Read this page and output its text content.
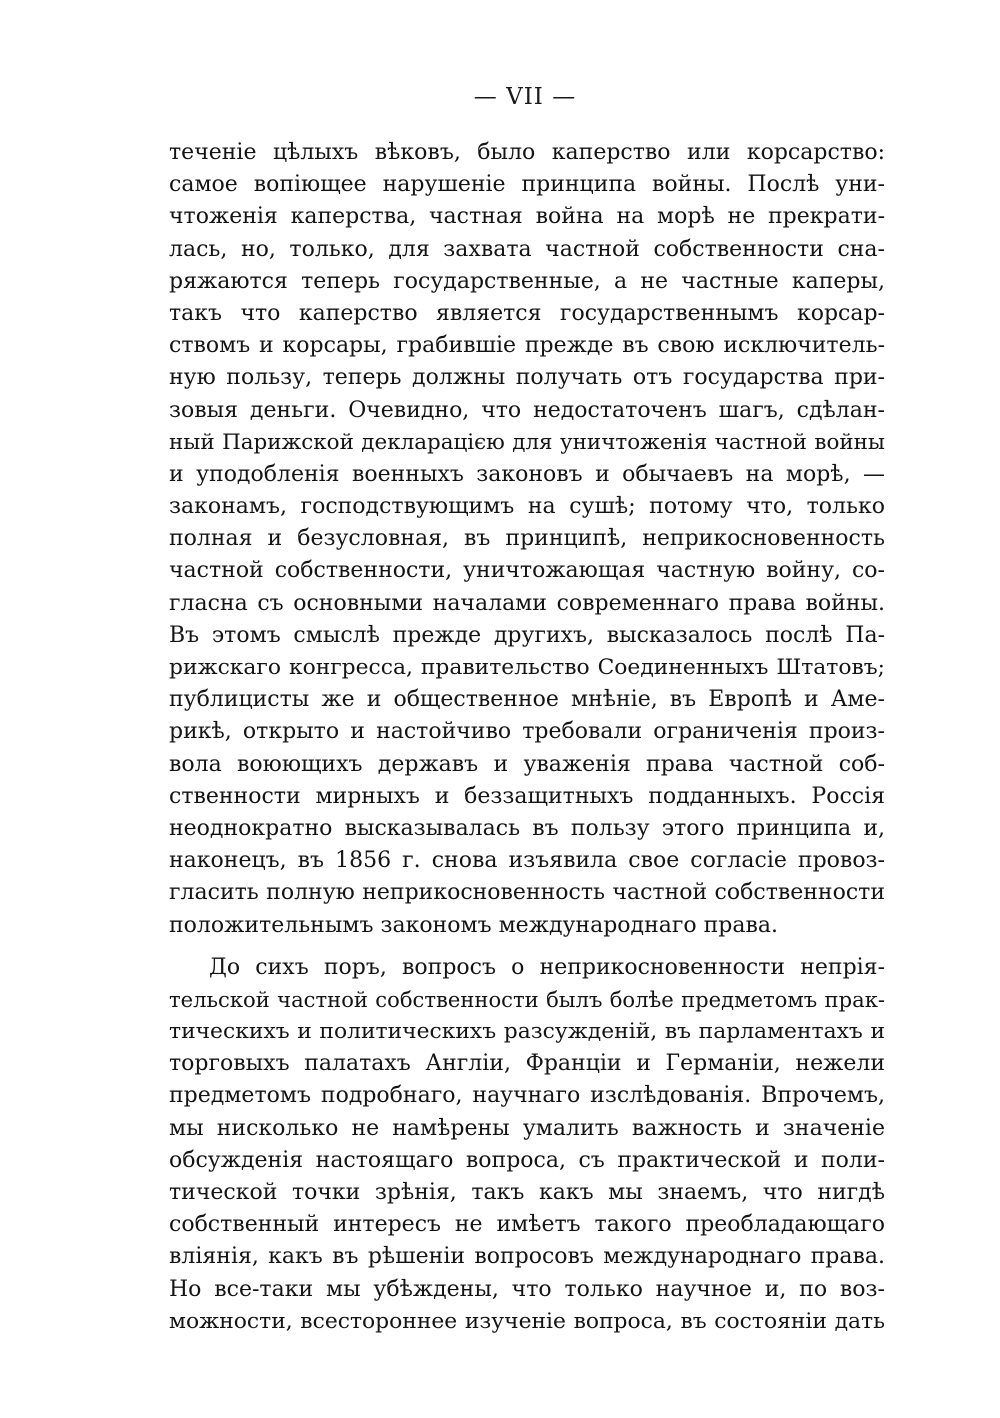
— VII —

теченіе цѣлыхъ вѣковъ, было каперство или корсарство:
самое вопіющее нарушеніе принципа войны. Послѣ уни-
чтоженія каперства, частная война на морѣ не прекрати-
лась, но, только, для захвата частной собственности сна-
ряжаются теперь государственные, а не частные каперы,
такъ что каперство является государственнымъ корсар-
ствомъ и корсары, грабившіе прежде въ свою исключитель-
ную пользу, теперь должны получать отъ государства при-
зовыя деньги. Очевидно, что недостаточенъ шагъ, сдѣлан-
ный Парижской декларацією для уничтоженія частной войны
и уподобленія военныхъ законовъ и обычаевъ на морѣ, —
законамъ, господствующимъ на сушѣ; потому что, только
полная и безусловная, въ принципѣ, неприкосновенность
частной собственности, уничтожающая частную войну, со-
гласна съ основными началами современнаго права войны.
Въ этомъ смыслѣ прежде другихъ, высказалось послѣ Па-
рижскаго конгресса, правительство Соединенныхъ Штатовъ;
публицисты же и общественное мнѣніе, въ Европѣ и Аме-
рикѣ, открыто и настойчиво требовали ограниченія произ-
вола воюющихъ державъ и уваженія права частной соб-
ственности мирныхъ и беззащитныхъ подданныхъ. Россія
неоднократно высказывалась въ пользу этого принципа и,
наконецъ, въ 1856 г. снова изъявила свое согласіе провоз-
гласить полную неприкосновенность частной собственности
положительнымъ закономъ международнаго права.

До сихъ поръ, вопросъ о неприкосновенности непрія-
тельской частной собственности былъ болѣе предметомъ прак-
тическихъ и политическихъ разсужденій, въ парламентахъ и
торговыхъ палатахъ Англіи, Франціи и Германіи, нежели
предметомъ подробнаго, научнаго изслѣдованія. Впрочемъ,
мы нисколько не намѣрены умалить важность и значеніе
обсужденія настоящаго вопроса, съ практической и поли-
тической точки зрѣнія, такъ какъ мы знаемъ, что нигдѣ
собственный интересъ не имѣетъ такого преобладающаго
вліянія, какъ въ рѣшеніи вопросовъ международнаго права.
Но все-таки мы убѣждены, что только научное и, по воз-
можности, всестороннее изученіе вопроса, въ состояніи дать
